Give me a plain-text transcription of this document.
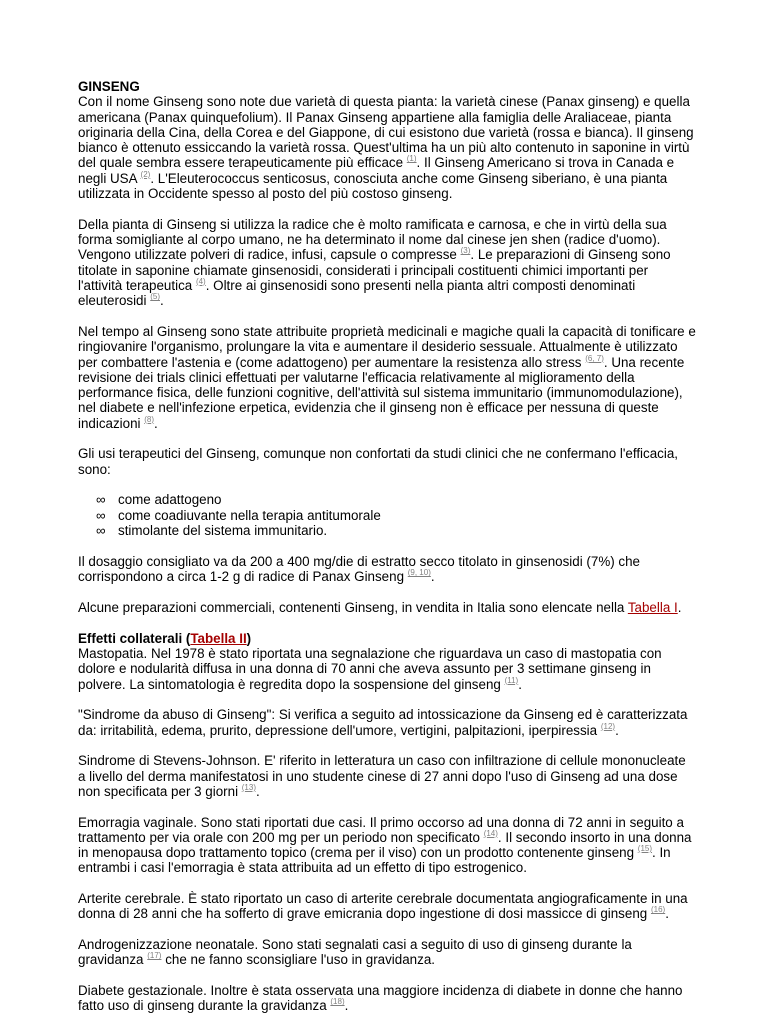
GINSENG

Con il nome Ginseng sono note due varietà di questa pianta: la varietà cinese (Panax ginseng) e quella americana (Panax quinquefolium). Il Panax Ginseng appartiene alla famiglia delle Araliaceae, pianta originaria della Cina, della Corea e del Giappone, di cui esistono due varietà (rossa e bianca). Il ginseng bianco è ottenuto essiccando la varietà rossa. Quest'ultima ha un più alto contenuto in saponine in virtù del quale sembra essere terapeuticamente più efficace $^{(1)}$. Il Ginseng Americano si trova in Canada e negli USA $^{(2)}$. L'Eleuterococcus senticosus, conosciuta anche come Ginseng siberiano, è una pianta utilizzata in Occidente spesso al posto del più costoso ginseng.

Della pianta di Ginseng si utilizza la radice che è molto ramificata e carnosa, e che in virtù della sua forma somigliante al corpo umano, ne ha determinato il nome dal cinese jen shen (radice d'uomo). Vengono utilizzate polveri di radice, infusi, capsule o compresse $^{(3)}$. Le preparazioni di Ginseng sono titolate in saponine chiamate ginsenosidi, considerati i principali costituenti chimici importanti per l'attività terapeutica $^{(4)}$. Oltre ai ginsenosidi sono presenti nella pianta altri composti denominati eleuterosidi $^{(5)}$.

Nel tempo al Ginseng sono state attribuite proprietà medicinali e magiche quali la capacità di tonificare e ringiovanire l'organismo, prolungare la vita e aumentare il desiderio sessuale. Attualmente è utilizzato per combattere l'astenia e (come adattogeno) per aumentare la resistenza allo stress $^{(6, 7)}$. Una recente revisione dei trials clinici effettuati per valutarne l'efficacia relativamente al miglioramento della performance fisica, delle funzioni cognitive, dell'attività sul sistema immunitario (immunomodulazione), nel diabete e nell'infezione erpetica, evidenzia che il ginseng non è efficace per nessuna di queste indicazioni $^{(8)}$.

Gli usi terapeutici del Ginseng, comunque non confortati da studi clinici che ne confermano l'efficacia, sono:

∞ come adattogeno
∞ come coadiuvante nella terapia antitumorale
∞ stimolante del sistema immunitario.

Il dosaggio consigliato va da 200 a 400 mg/die di estratto secco titolato in ginsenosidi (7%) che corrispondono a circa 1-2 g di radice di Panax Ginseng $^{(9, 10)}$.

Alcune preparazioni commerciali, contenenti Ginseng, in vendita in Italia sono elencate nella Tabella I.

Effetti collaterali (Tabella II)

Mastopatia. Nel 1978 è stato riportata una segnalazione che riguardava un caso di mastopatia con dolore e nodularità diffusa in una donna di 70 anni che aveva assunto per 3 settimane ginseng in polvere. La sintomatologia è regredita dopo la sospensione del ginseng $^{(11)}$.

"Sindrome da abuso di Ginseng": Si verifica a seguito ad intossicazione da Ginseng ed è caratterizzata da: irritabilità, edema, prurito, depressione dell'umore, vertigini, palpitazioni, iperpiressia $^{(12)}$.

Sindrome di Stevens-Johnson. E' riferito in letteratura un caso con infiltrazione di cellule mononucleate a livello del derma manifestatosi in uno studente cinese di 27 anni dopo l'uso di Ginseng ad una dose non specificata per 3 giorni $^{(13)}$.

Emorragia vaginale. Sono stati riportati due casi. Il primo occorso ad una donna di 72 anni in seguito a trattamento per via orale con 200 mg per un periodo non specificato $^{(14)}$. Il secondo insorto in una donna in menopausa dopo trattamento topico (crema per il viso) con un prodotto contenente ginseng $^{(15)}$. In entrambi i casi l'emorragia è stata attribuita ad un effetto di tipo estrogenico.

Arterite cerebrale. È stato riportato un caso di arterite cerebrale documentata angiograficamente in una donna di 28 anni che ha sofferto di grave emicrania dopo ingestione di dosi massicce di ginseng $^{(16)}$.

Androgenizzazione neonatale. Sono stati segnalati casi a seguito di uso di ginseng durante la gravidanza $^{(17)}$ che ne fanno sconsigliare l'uso in gravidanza.

Diabete gestazionale. Inoltre è stata osservata una maggiore incidenza di diabete in donne che hanno fatto uso di ginseng durante la gravidanza $^{(18)}$.
